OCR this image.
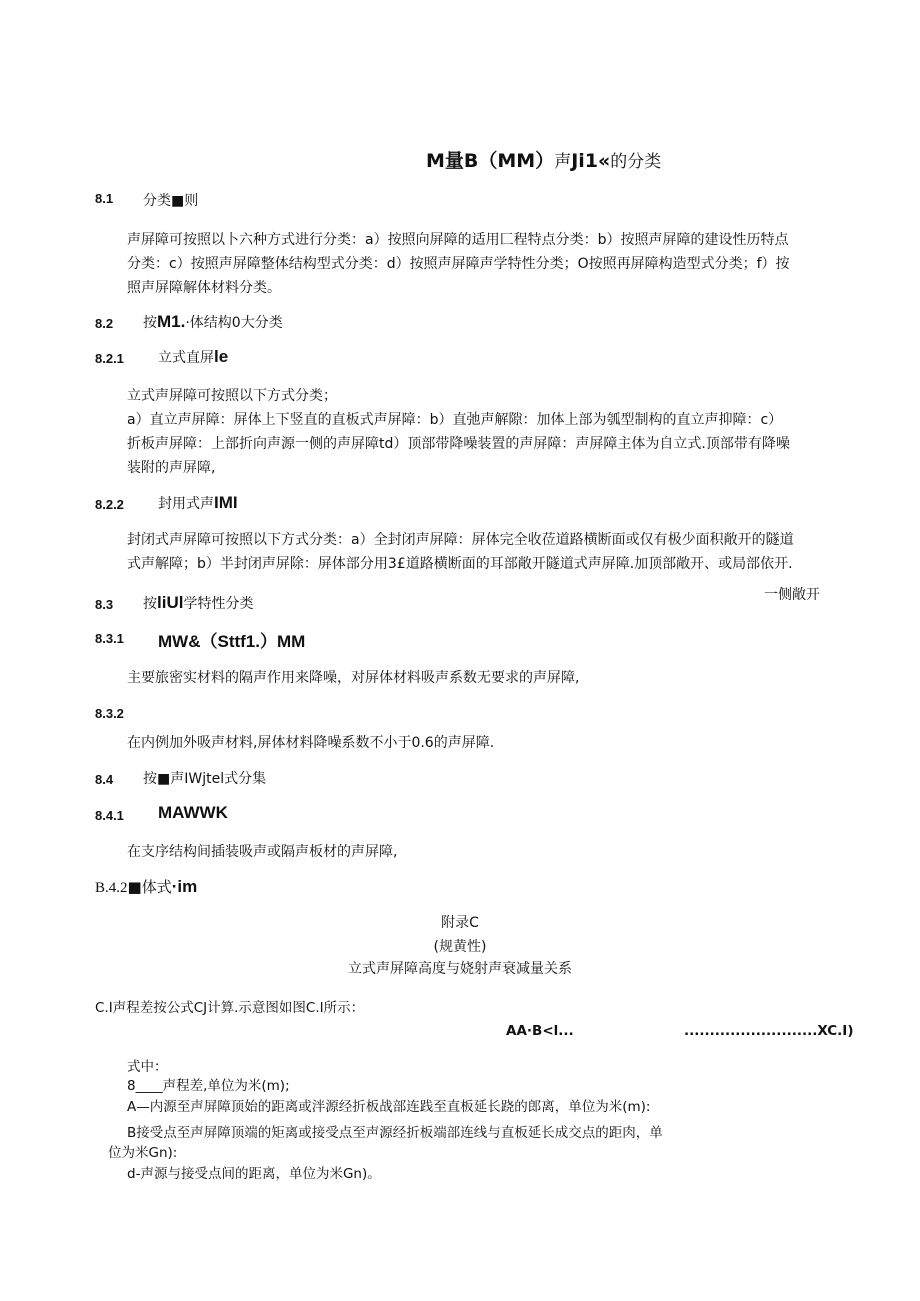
M量B（MM）声Ji1«的分类
8.1 分类■则
声屏障可按照以卜六种方式进行分类：a）按照向屏障的适用匚程特点分类：b）按照声屏障的建设性历特点
分类：c）按照声屏障整体结构型式分类：d）按照声屏障声学特性分类；O按照再屏障构造型式分类；f）按
照声屏障解体材料分类。
8.2 按M1.·体结构0大分类
8.2.1 立式直屏le
立式声屏障可按照以下方式分类；
a）直立声屏障：屏体上下竖直的直板式声屏障：b）直弛声解隙：加体上部为瓠型制构的直立声抑障：c）
折板声屏障：上部折向声源一侧的声屏障td）顶部带降噪装置的声屏障：声屏障主体为自立式.顶部带有降噪
装附的声屏障,
8.2.2 封用式声IMI
封闭式声屏障可按照以下方式分类：a）全封闭声屏障：屏体完全收莅道路横断面或仅有极少面积敞开的隧道
式声解障；b）半封闭声屏除：屏体部分用3£道路横断面的耳部敞开隧道式声屏障.加顶部敞开、或局部依开.
一侧敞开
8.3 按liUl学特性分类
8.3.1 MW&（Sttf1.）MM
主要旅密实材料的隔声作用来降噪，对屏体材料吸声系数无要求的声屏障,
8.3.2
在内例加外吸声材料,屏体材料降噪系数不小于0.6的声屏障.
8.4 按■声IWjtel式分集
8.4.1 MAWWK
在支序结构间插装吸声或隔声板材的声屏障,
B.4.2■体式·im
附录C
(规黄性)
立式声屏障高度与娆射声衰减量关系
C.I声程差按公式CJ计算.示意图如图C.I所示：
AA·B<l...	..........................XC.I)
式中：
8____声程差,单位为米(m);
A—内源至声屏障顶始的距离或泮源经折板战部连践至直板延长跷的郎离，单位为米(m):
B接受点至声屏障顶端的矩离或接受点至声源经折板端部连线与直板延长成交点的距肉，单
位为米Gn):
d-声源与接受点间的距离，单位为米Gn)。
